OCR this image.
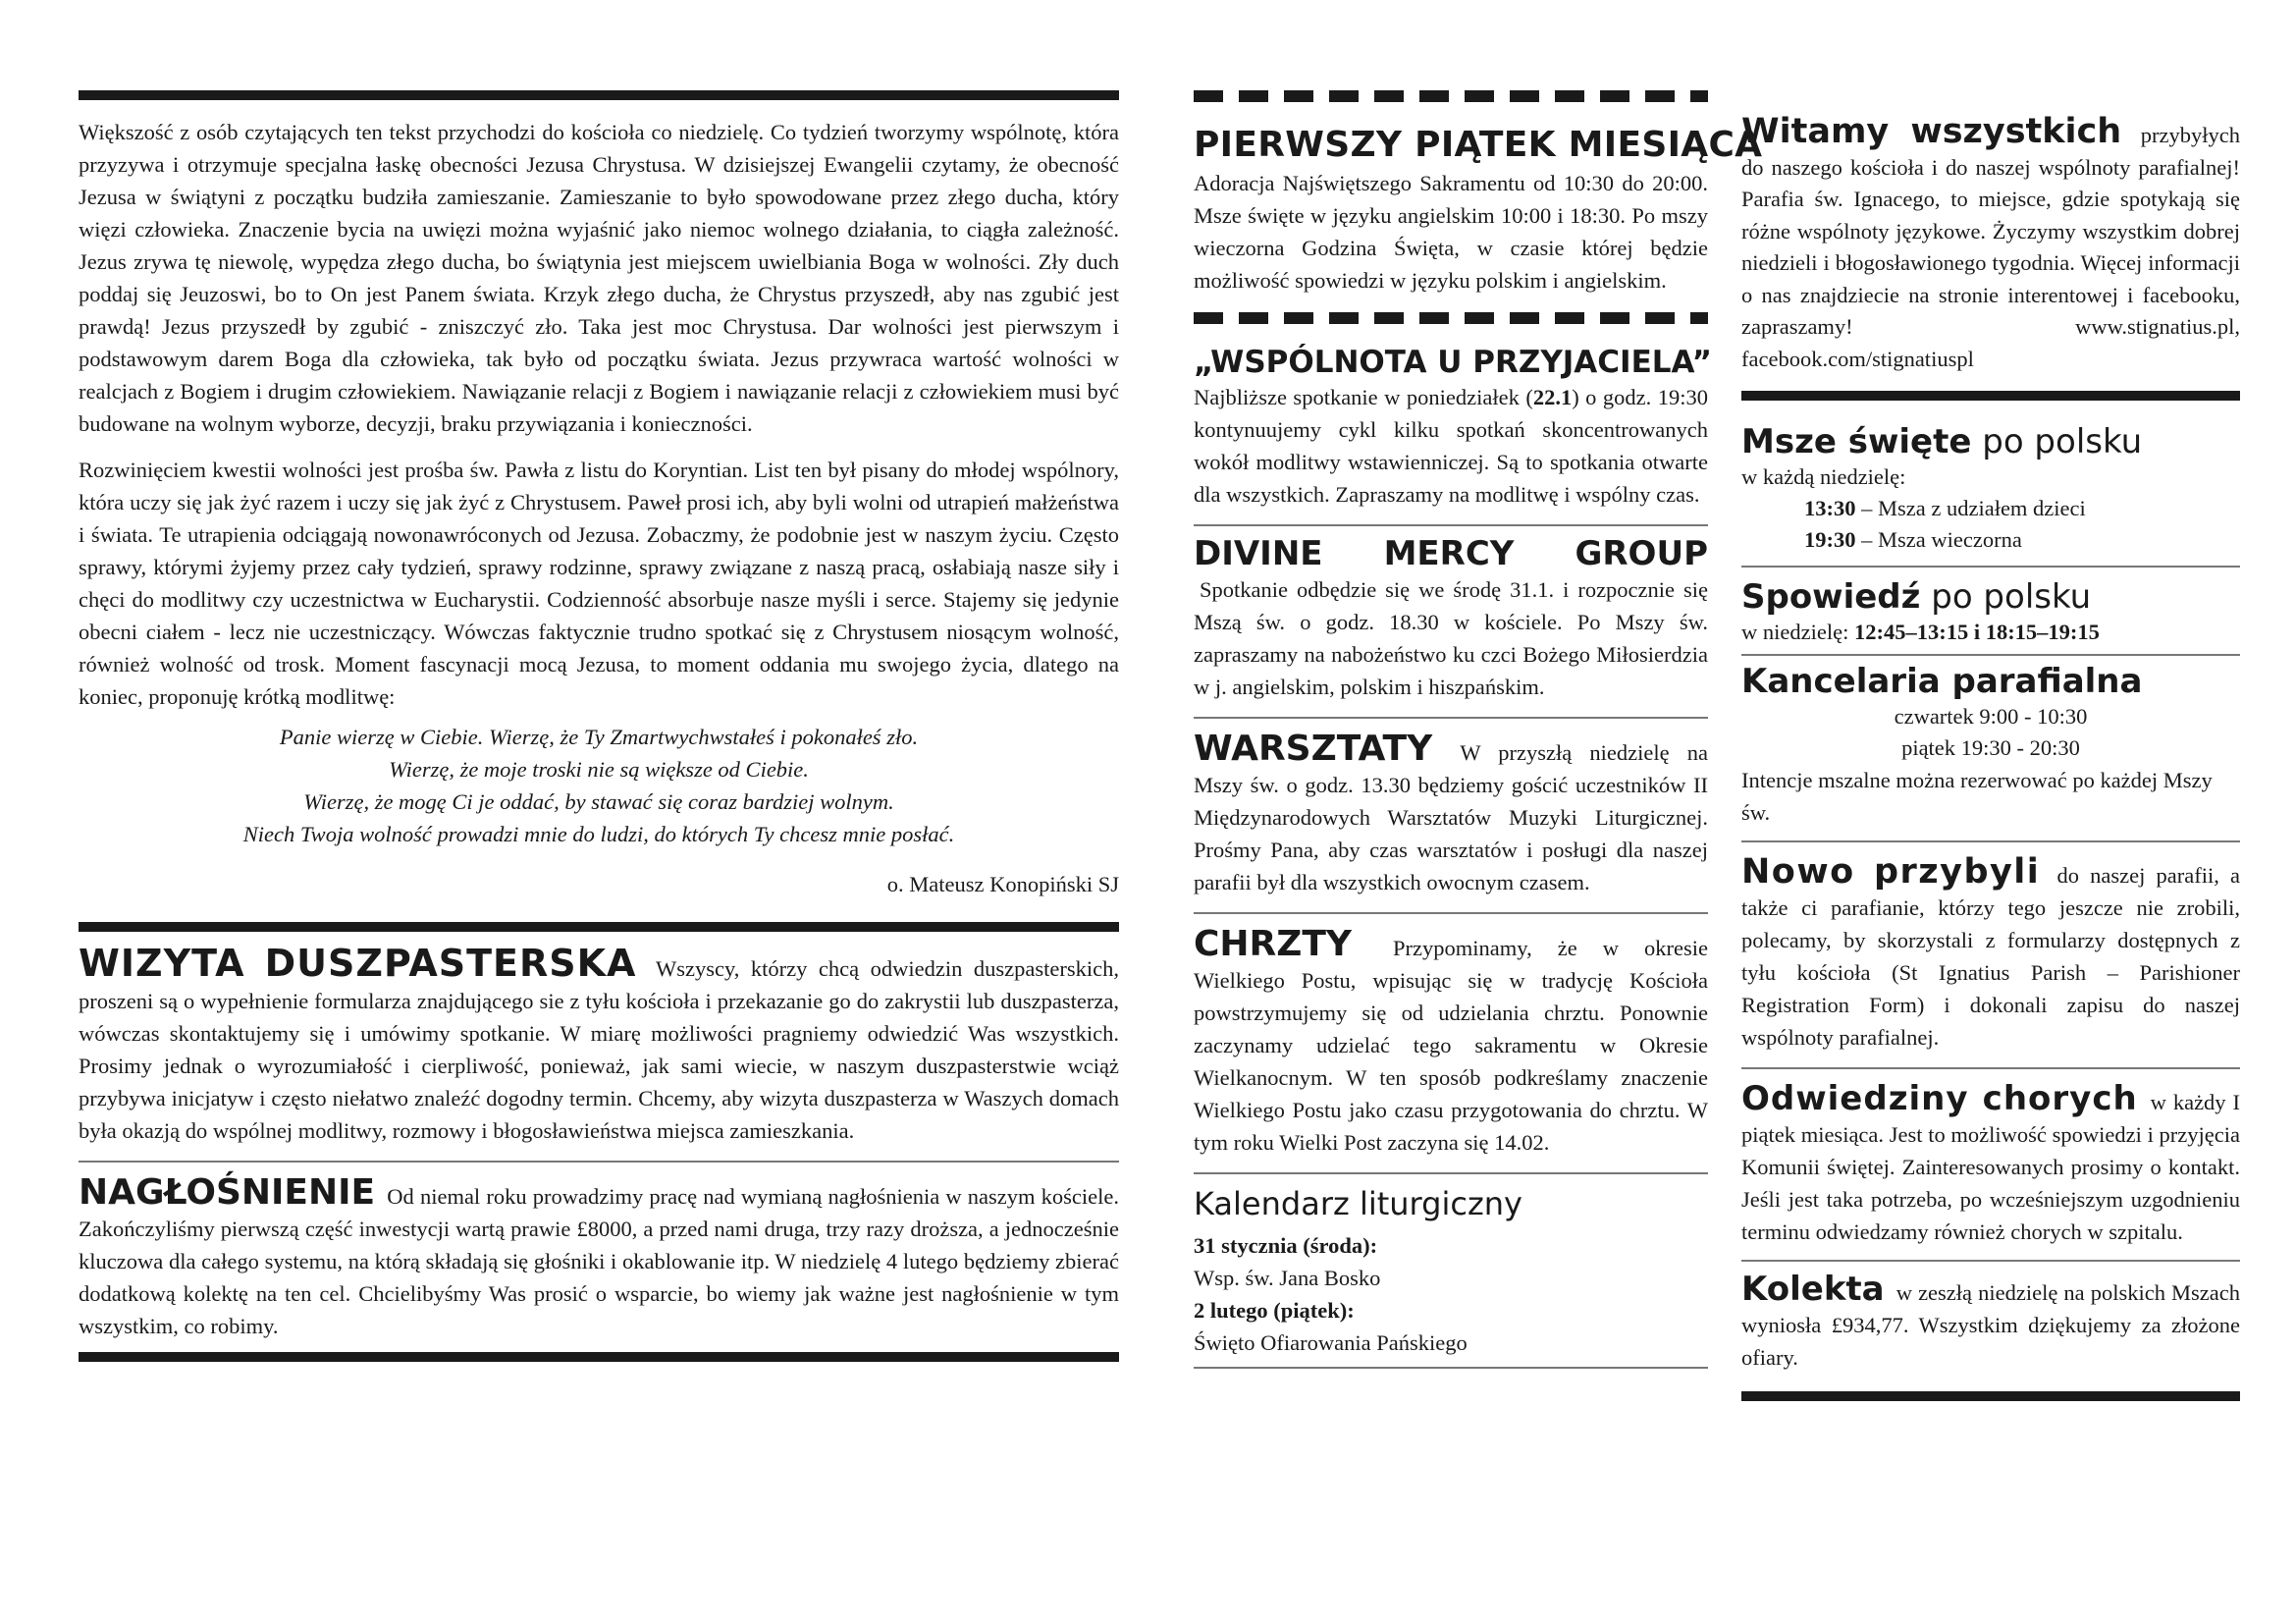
Większość z osób czytających ten tekst przychodzi do kościoła co niedzielę. Co tydzień tworzymy wspólnotę, która przyzywa i otrzymuje specjalna łaskę obecności Jezusa Chrystusa. W dzisiejszej Ewangelii czytamy, że obecność Jezusa w świątyni z początku budziła zamieszanie. Zamieszanie to było spowodowane przez złego ducha, który więzi człowieka. Znaczenie bycia na uwięzi można wyjaśnić jako niemoc wolnego działania, to ciągła zależność. Jezus zrywa tę niewolę, wypędza złego ducha, bo świątynia jest miejscem uwielbiania Boga w wolności. Zły duch poddaj się Jeuzoswi, bo to On jest Panem świata. Krzyk złego ducha, że Chrystus przyszedł, aby nas zgubić jest prawdą! Jezus przyszedł by zgubić - zniszczyć zło. Taka jest moc Chrystusa. Dar wolności jest pierwszym i podstawowym darem Boga dla człowieka, tak było od początku świata. Jezus przywraca wartość wolności w realcjach z Bogiem i drugim człowiekiem. Nawiązanie relacji z Bogiem i nawiązanie relacji z człowiekiem musi być budowane na wolnym wyborze, decyzji, braku przywiązania i konieczności.

Rozwinięciem kwestii wolności jest prośba św. Pawła z listu do Koryntian. List ten był pisany do młodej wspólnory, która uczy się jak żyć razem i uczy się jak żyć z Chrystusem. Paweł prosi ich, aby byli wolni od utrapień małżeństwa i świata. Te utrapienia odciągają nowonawróconych od Jezusa. Zobaczmy, że podobnie jest w naszym życiu. Często sprawy, którymi żyjemy przez cały tydzień, sprawy rodzinne, sprawy związane z naszą pracą, osłabiają nasze siły i chęci do modlitwy czy uczestnictwa w Eucharystii. Codzienność absorbuje nasze myśli i serce. Stajemy się jedynie obecni ciałem - lecz nie uczestniczący. Wówczas faktycznie trudno spotkać się z Chrystusem niosącym wolność, również wolność od trosk. Moment fascynacji mocą Jezusa, to moment oddania mu swojego życia, dlatego na koniec, proponuję krótką modlitwę:

Panie wierzę w Ciebie. Wierzę, że Ty Zmartwychwstałeś i pokonałeś zło.
Wierzę, że moje troski nie są większe od Ciebie.
Wierzę, że mogę Ci je oddać, by stawać się coraz bardziej wolnym.
Niech Twoja wolność prowadzi mnie do ludzi, do których Ty chcesz mnie posłać.
o. Mateusz Konopiński SJ

WIZYTA DUSZPASTERSKA Wszyscy, którzy chcą odwiedzin duszpasterskich, proszeni są o wypełnienie formularza znajdującego sie z tyłu kościoła i przekazanie go do zakrystii lub duszpasterza, wówczas skontaktujemy się i umówimy spotkanie. W miarę możliwości pragniemy odwiedzić Was wszystkich. Prosimy jednak o wyrozumiałość i cierpliwość, ponieważ, jak sami wiecie, w naszym duszpasterstwie wciąż przybywa inicjatyw i często niełatwo znaleźć dogodny termin. Chcemy, aby wizyta duszpasterza w Waszych domach była okazją do wspólnej modlitwy, rozmowy i błogosławieństwa miejsca zamieszkania.

NAGŁOŚNIENIE Od niemal roku prowadzimy pracę nad wymianą nagłośnienia w naszym kościele. Zakończyliśmy pierwszą część inwestycji wartą prawie £8000, a przed nami druga, trzy razy droższa, a jednocześnie kluczowa dla całego systemu, na którą składają się głośniki i okablowanie itp. W niedzielę 4 lutego będziemy zbierać dodatkową kolektę na ten cel. Chcielibyśmy Was prosić o wsparcie, bo wiemy jak ważne jest nagłośnienie w tym wszystkim, co robimy.

PIERWSZY PIĄTEK MIESIĄCA

Adoracja Najświętszego Sakramentu od 10:30 do 20:00. Msze święte w języku angielskim 10:00 i 18:30. Po mszy wieczorna Godzina Święta, w czasie której będzie możliwość spowiedzi w języku polskim i angielskim.

„WSPÓLNOTA U PRZYJACIELA”

Najbliższe spotkanie w poniedziałek (22.1) o godz. 19:30 kontynuujemy cykl kilku spotkań skoncentrowanych wokół modlitwy wstawienniczej. Są to spotkania otwarte dla wszystkich. Zapraszamy na modlitwę i wspólny czas.

DIVINE MERCY GROUP Spotkanie odbędzie się we środę 31.1. i rozpocznie się Mszą św. o godz. 18.30 w kościele. Po Mszy św. zapraszamy na nabożeństwo ku czci Bożego Miłosierdzia w j. angielskim, polskim i hiszpańskim.

WARSZTATY W przyszłą niedzielę na Mszy św. o godz. 13.30 będziemy gościć uczestników II Międzynarodowych Warsztatów Muzyki Liturgicznej. Prośmy Pana, aby czas warsztatów i posługi dla naszej parafii był dla wszystkich owocnym czasem.

CHRZTY Przypominamy, że w okresie Wielkiego Postu, wpisując się w tradycję Kościoła powstrzymujemy się od udzielania chrztu. Ponownie zaczynamy udzielać tego sakramentu w Okresie Wielkanocnym. W ten sposób podkreślamy znaczenie Wielkiego Postu jako czasu przygotowania do chrztu. W tym roku Wielki Post zaczyna się 14.02.

Kalendarz liturgiczny
31 stycznia (środa):
Wsp. św. Jana Bosko
2 lutego (piątek):
Święto Ofiarowania Pańskiego

Witamy wszystkich przybyłych do naszego kościoła i do naszej wspólnoty parafialnej! Parafia św. Ignacego, to miejsce, gdzie spotykają się różne wspólnoty językowe. Życzymy wszystkim dobrej niedzieli i błogosławionego tygodnia. Więcej informacji o nas znajdziecie na stronie interentowej i facebooku, zapraszamy! www.stignatius.pl, facebook.com/stignatiuspl

Msze święte po polsku
w każdą niedzielę:
13:30 – Msza z udziałem dzieci
19:30 – Msza wieczorna
Spowiedź po polsku
w niedzielę: 12:45–13:15 i 18:15–19:15
Kancelaria parafialna
czwartek 9:00 - 10:30
piątek 19:30 - 20:30

Intencje mszalne można rezerwować po każdej Mszy św.

Nowo przybyli do naszej parafii, a także ci parafianie, którzy tego jeszcze nie zrobili, polecamy, by skorzystali z formularzy dostępnych z tyłu kościoła (St Ignatius Parish – Parishioner Registration Form) i dokonali zapisu do naszej wspólnoty parafialnej.

Odwiedziny chorych w każdy I piątek miesiąca. Jest to możliwość spowiedzi i przyjęcia Komunii świętej. Zainteresowanych prosimy o kontakt. Jeśli jest taka potrzeba, po wcześniejszym uzgodnieniu terminu odwiedzamy również chorych w szpitalu.

Kolekta w zeszłą niedzielę na polskich Mszach wyniosła £934,77. Wszystkim dziękujemy za złożone ofiary.
